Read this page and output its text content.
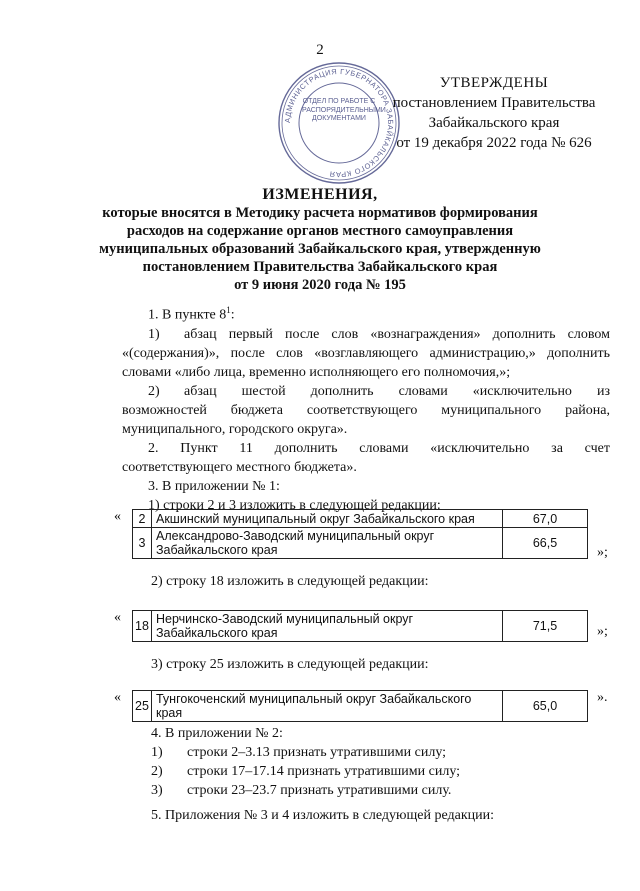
2
АДМИНИСТРАЦИЯ ГУБЕРНАТОРА ЗАБАЙКАЛЬСКОГО КРАЯ
ОТДЕЛ ПО РАБОТЕ С РАСПОРЯДИТЕЛЬНЫМИ ДОКУМЕНТАМИ
УТВЕРЖДЕНЫ
постановлением Правительства
Забайкальского края
от 19 декабря 2022 года № 626
ИЗМЕНЕНИЯ,
которые вносятся в Методику расчета нормативов формирования
расходов на содержание органов местного самоуправления
муниципальных образований Забайкальского края, утвержденную
постановлением Правительства Забайкальского края
от 9 июня 2020 года № 195

1. В пункте $8^1$:

1)	абзац первый после слов «вознаграждения» дополнить словом

«(содержания)», после слов «возглавляющего администрацию,» дополнить словами «либо лица, временно исполняющего его полномочия,»;

2)	абзац шестой дополнить словами «исключительно из

возможностей бюджета соответствующего муниципального района, муниципального, городского округа».

2. Пункт 11 дополнить словами «исключительно за счет

соответствующего местного бюджета».

3. В приложении № 1:

1) строки 2 и 3 изложить в следующей редакции:

« 2	Акшинский муниципальный округ Забайкальского края	67,0
3	Александрово-Заводский муниципальный округ Забайкальского края	66,5
»;
2) строку 18 изложить в следующей редакции:
«
18	Нерчинско-Заводский муниципальный округ Забайкальского края	71,5	»;
3) строку 25 изложить в следующей редакции:
«
25	Тунгокоченский муниципальный округ Забайкальского края	65,0
».

4. В приложении № 2:

1)	строки 2–3.13 признать утратившими силу;
2)	строки 17–17.14 признать утратившими силу;
3)	строки 23–23.7 признать утратившими силу.
5. Приложения № 3 и 4 изложить в следующей редакции:
